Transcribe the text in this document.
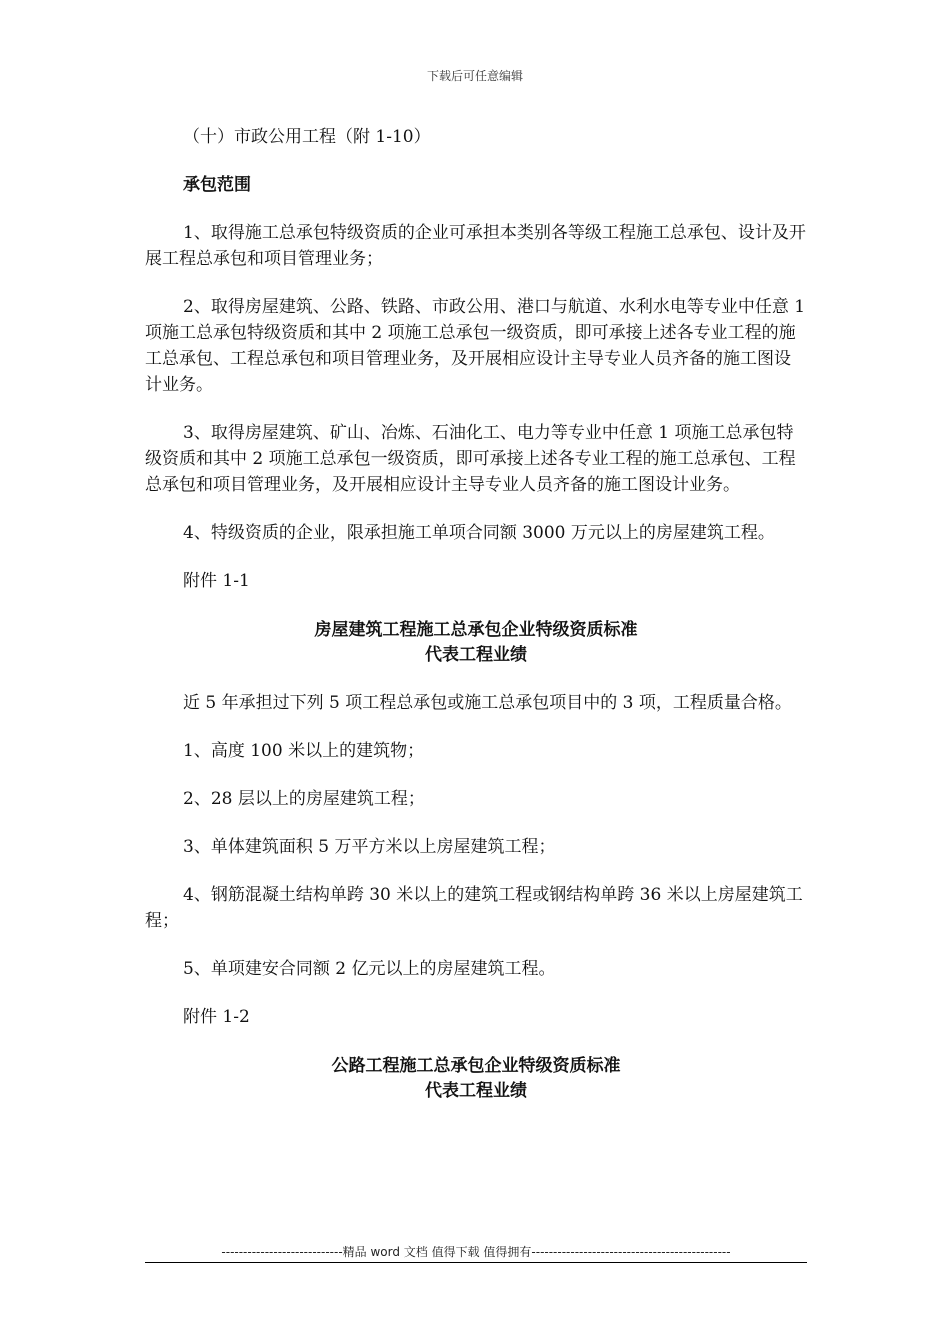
下载后可任意编辑

（十）市政公用工程（附 1-10）

承包范围

1、取得施工总承包特级资质的企业可承担本类别各等级工程施工总承包、设计及开展工程总承包和项目管理业务；

2、取得房屋建筑、公路、铁路、市政公用、港口与航道、水利水电等专业中任意 1 项施工总承包特级资质和其中 2 项施工总承包一级资质，即可承接上述各专业工程的施工总承包、工程总承包和项目管理业务，及开展相应设计主导专业人员齐备的施工图设计业务。

3、取得房屋建筑、矿山、冶炼、石油化工、电力等专业中任意 1 项施工总承包特级资质和其中 2 项施工总承包一级资质，即可承接上述各专业工程的施工总承包、工程总承包和项目管理业务，及开展相应设计主导专业人员齐备的施工图设计业务。

4、特级资质的企业，限承担施工单项合同额 3000 万元以上的房屋建筑工程。

附件 1-1

房屋建筑工程施工总承包企业特级资质标准

代表工程业绩

近 5 年承担过下列 5 项工程总承包或施工总承包项目中的 3 项，工程质量合格。

1、高度 100 米以上的建筑物；

2、28 层以上的房屋建筑工程；

3、单体建筑面积 5 万平方米以上房屋建筑工程；

4、钢筋混凝土结构单跨 30 米以上的建筑工程或钢结构单跨 36 米以上房屋建筑工程；

5、单项建安合同额 2 亿元以上的房屋建筑工程。

附件 1-2

公路工程施工总承包企业特级资质标准

代表工程业绩

----------------------------精品 word 文档 值得下载 值得拥有----------------------------------------------
